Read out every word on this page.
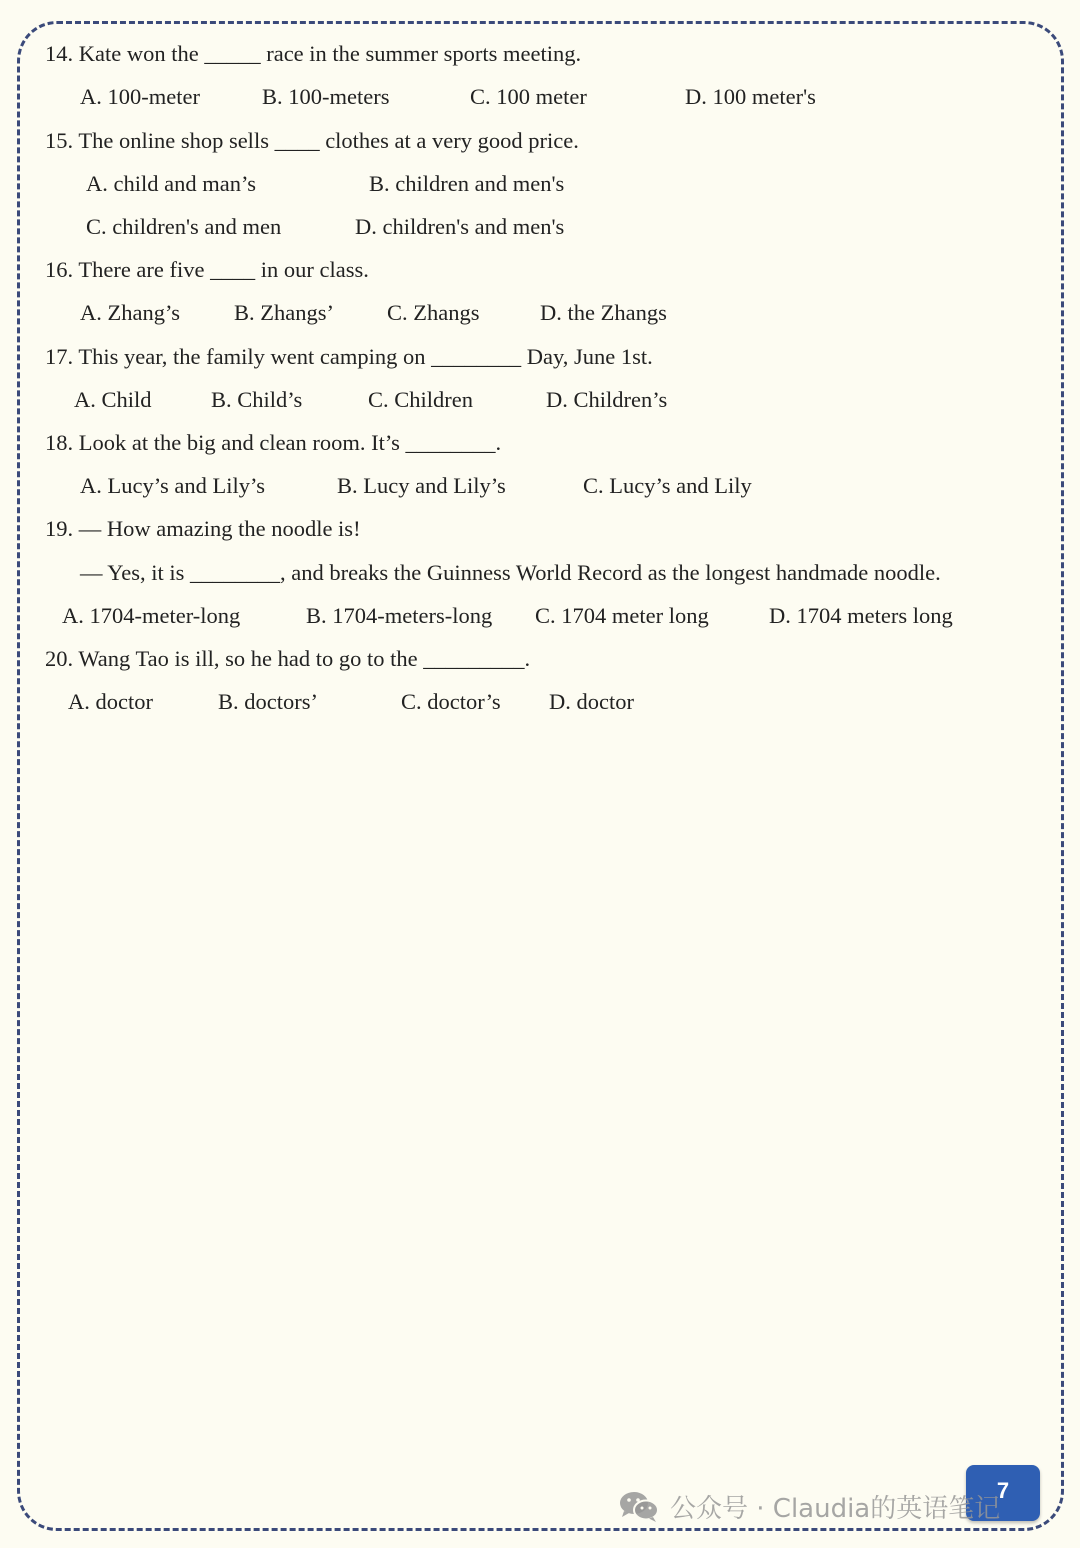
14. Kate won the _____ race in the summer sports meeting.
A. 100-meter	B. 100-meters	C. 100 meter	D. 100 meter's
15. The online shop sells ____ clothes at a very good price.
A. child and man’s	B. children and men's
C. children's and men	D. children's and men's
16. There are five ____ in our class.
A. Zhang’s B. Zhangs’ C. Zhangs	D. the Zhangs
17. This year, the family went camping on ________ Day, June 1st.
A. Child	B. Child’s	C. Children	D. Children’s
18. Look at the big and clean room. It’s ________.
A. Lucy’s and Lily’s	B. Lucy and Lily’s	C. Lucy’s and Lily
19. — How amazing the noodle is!
— Yes, it is ________, and breaks the Guinness World Record as the longest handmade noodle.
A. 1704-meter-long	B. 1704-meters-long C. 1704 meter long	D. 1704 meters long
20. Wang Tao is ill, so he had to go to the _________.
A. doctor	B. doctors’	C. doctor’s D. doctor
7
公众号 · Claudia的英语笔记
